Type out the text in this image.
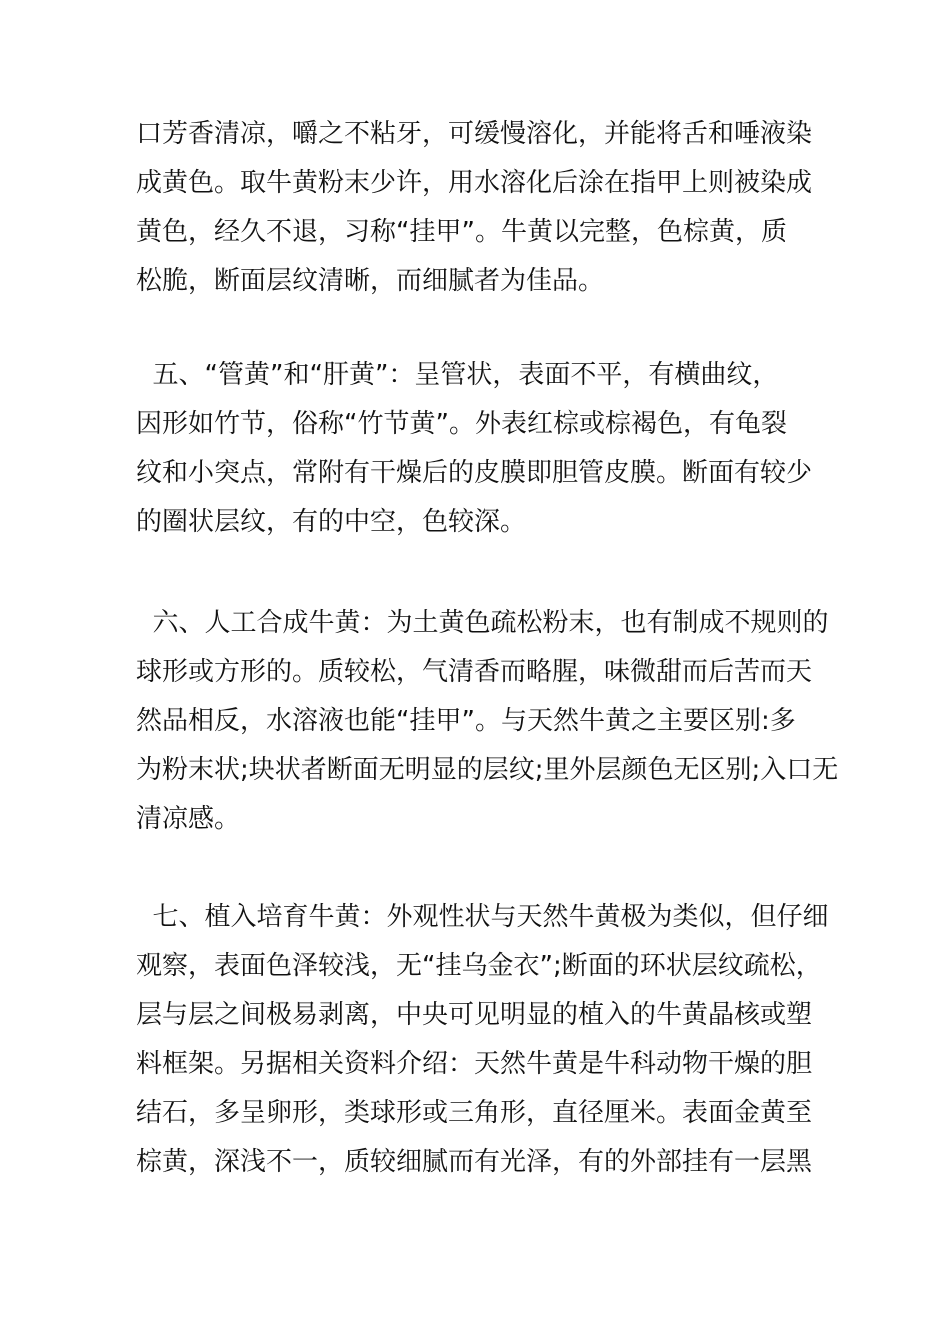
口芳香清凉，嚼之不粘牙，可缓慢溶化，并能将舌和唾液染
成黄色。取牛黄粉末少许，用水溶化后涂在指甲上则被染成
黄色，经久不退，习称“挂甲”。牛黄以完整，色棕黄，质
松脆，断面层纹清晰，而细腻者为佳品。
五、“管黄”和“肝黄”：呈管状，表面不平，有横曲纹，
因形如竹节，俗称“竹节黄”。外表红棕或棕褐色，有龟裂
纹和小突点，常附有干燥后的皮膜即胆管皮膜。断面有较少
的圈状层纹，有的中空，色较深。
六、人工合成牛黄：为土黄色疏松粉末，也有制成不规则的
球形或方形的。质较松，气清香而略腥，味微甜而后苦而天
然品相反，水溶液也能“挂甲”。与天然牛黄之主要区别:多
为粉末状;块状者断面无明显的层纹;里外层颜色无区别;入口无
清凉感。
七、植入培育牛黄：外观性状与天然牛黄极为类似，但仔细
观察，表面色泽较浅，无“挂乌金衣”;断面的环状层纹疏松，
层与层之间极易剥离，中央可见明显的植入的牛黄晶核或塑
料框架。另据相关资料介绍：天然牛黄是牛科动物干燥的胆
结石，多呈卵形，类球形或三角形，直径厘米。表面金黄至
棕黄，深浅不一，质较细腻而有光泽，有的外部挂有一层黑
